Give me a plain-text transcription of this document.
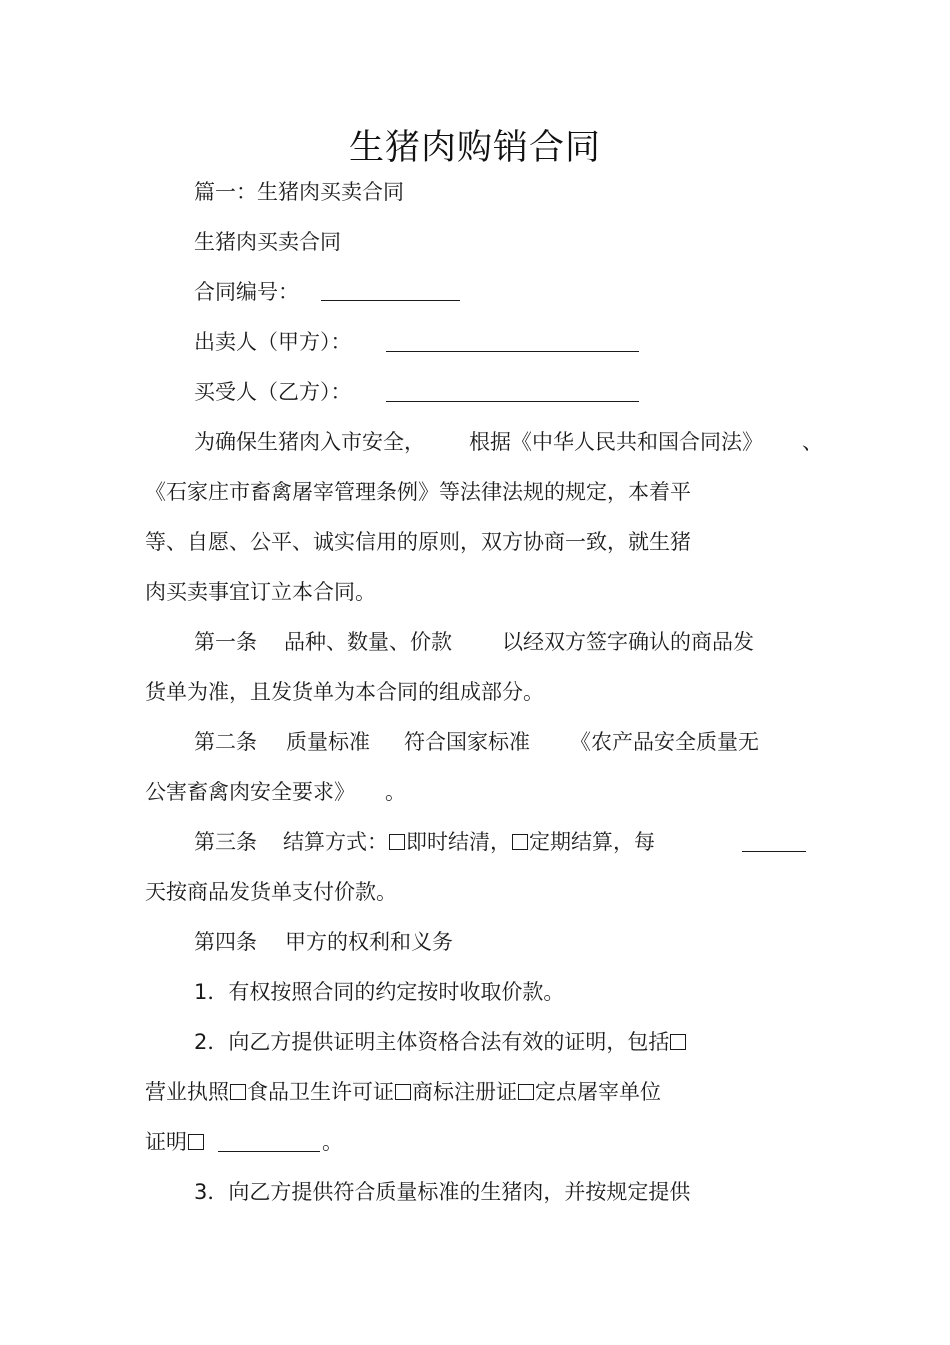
生猪肉购销合同
篇一：生猪肉买卖合同
生猪肉买卖合同
合同编号：
出卖人（甲方）：
买受人（乙方）：
为确保生猪肉入市安全， 根据《中华人民共和国合同法》 、
《石家庄市畜禽屠宰管理条例》等法律法规的规定，本着平
等、自愿、公平、诚实信用的原则，双方协商一致，就生猪
肉买卖事宜订立本合同。
第一条 品种、数量、价款 以经双方签字确认的商品发
货单为准，且发货单为本合同的组成部分。
第二条 质量标准 符合国家标准 《农产品安全质量无
公害畜禽肉安全要求》 。
第三条 结算方式： 即时结清， 定期结算，每
天按商品发货单支付价款。
第四条 甲方的权利和义务
1．有权按照合同的约定按时收取价款。
2．向乙方提供证明主体资格合法有效的证明，包括
营业执照 食品卫生许可证 商标注册证 定点屠宰单位
证明	。
3．向乙方提供符合质量标准的生猪肉，并按规定提供
